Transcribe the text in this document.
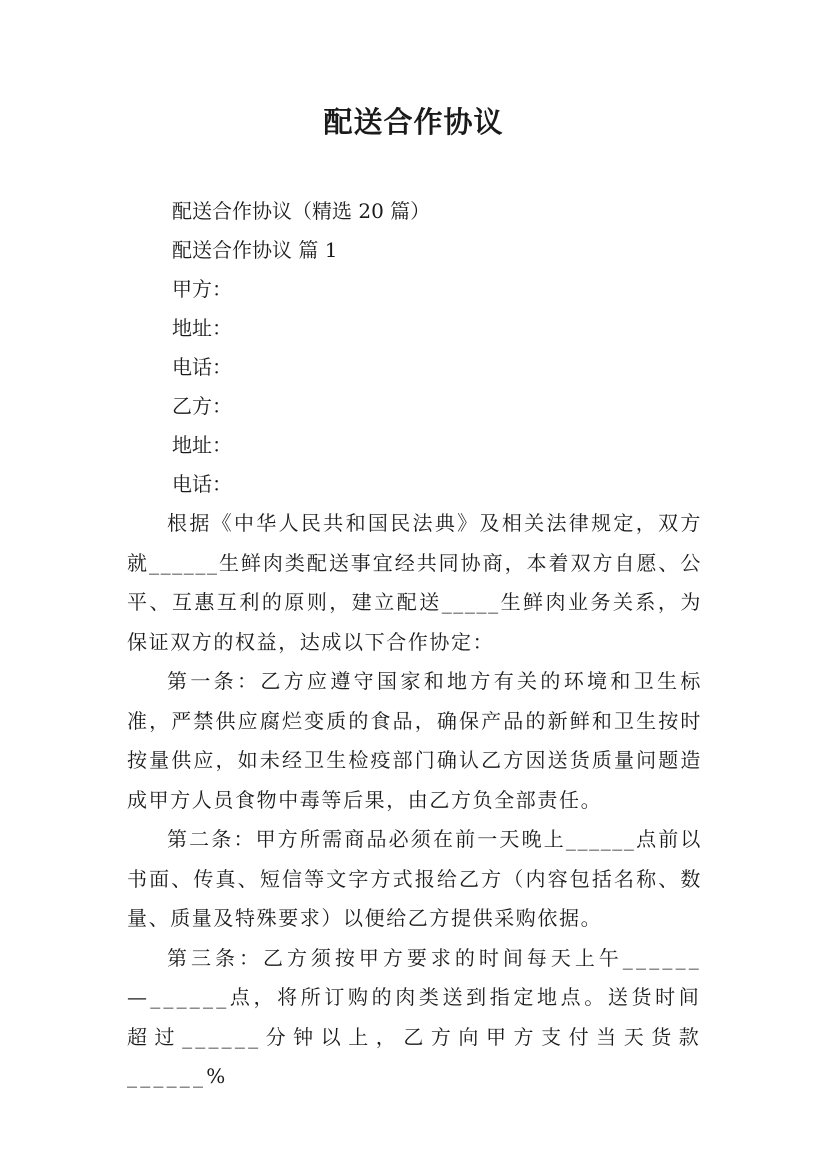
配送合作协议

配送合作协议（精选 20 篇）

配送合作协议 篇 1

甲方：

地址：

电话：

乙方：

地址：

电话：

根据《中华人民共和国民法典》及相关法律规定，双方就______生鲜肉类配送事宜经共同协商，本着双方自愿、公平、互惠互利的原则，建立配送_____生鲜肉业务关系，为保证双方的权益，达成以下合作协定：

第一条：乙方应遵守国家和地方有关的环境和卫生标准，严禁供应腐烂变质的食品，确保产品的新鲜和卫生按时按量供应，如未经卫生检疫部门确认乙方因送货质量问题造成甲方人员食物中毒等后果，由乙方负全部责任。

第二条：甲方所需商品必须在前一天晚上______点前以书面、传真、短信等文字方式报给乙方（内容包括名称、数量、质量及特殊要求）以便给乙方提供采购依据。

第三条：乙方须按甲方要求的时间每天上午______—______点，将所订购的肉类送到指定地点。送货时间超过______分钟以上，乙方向甲方支付当天货款______%
